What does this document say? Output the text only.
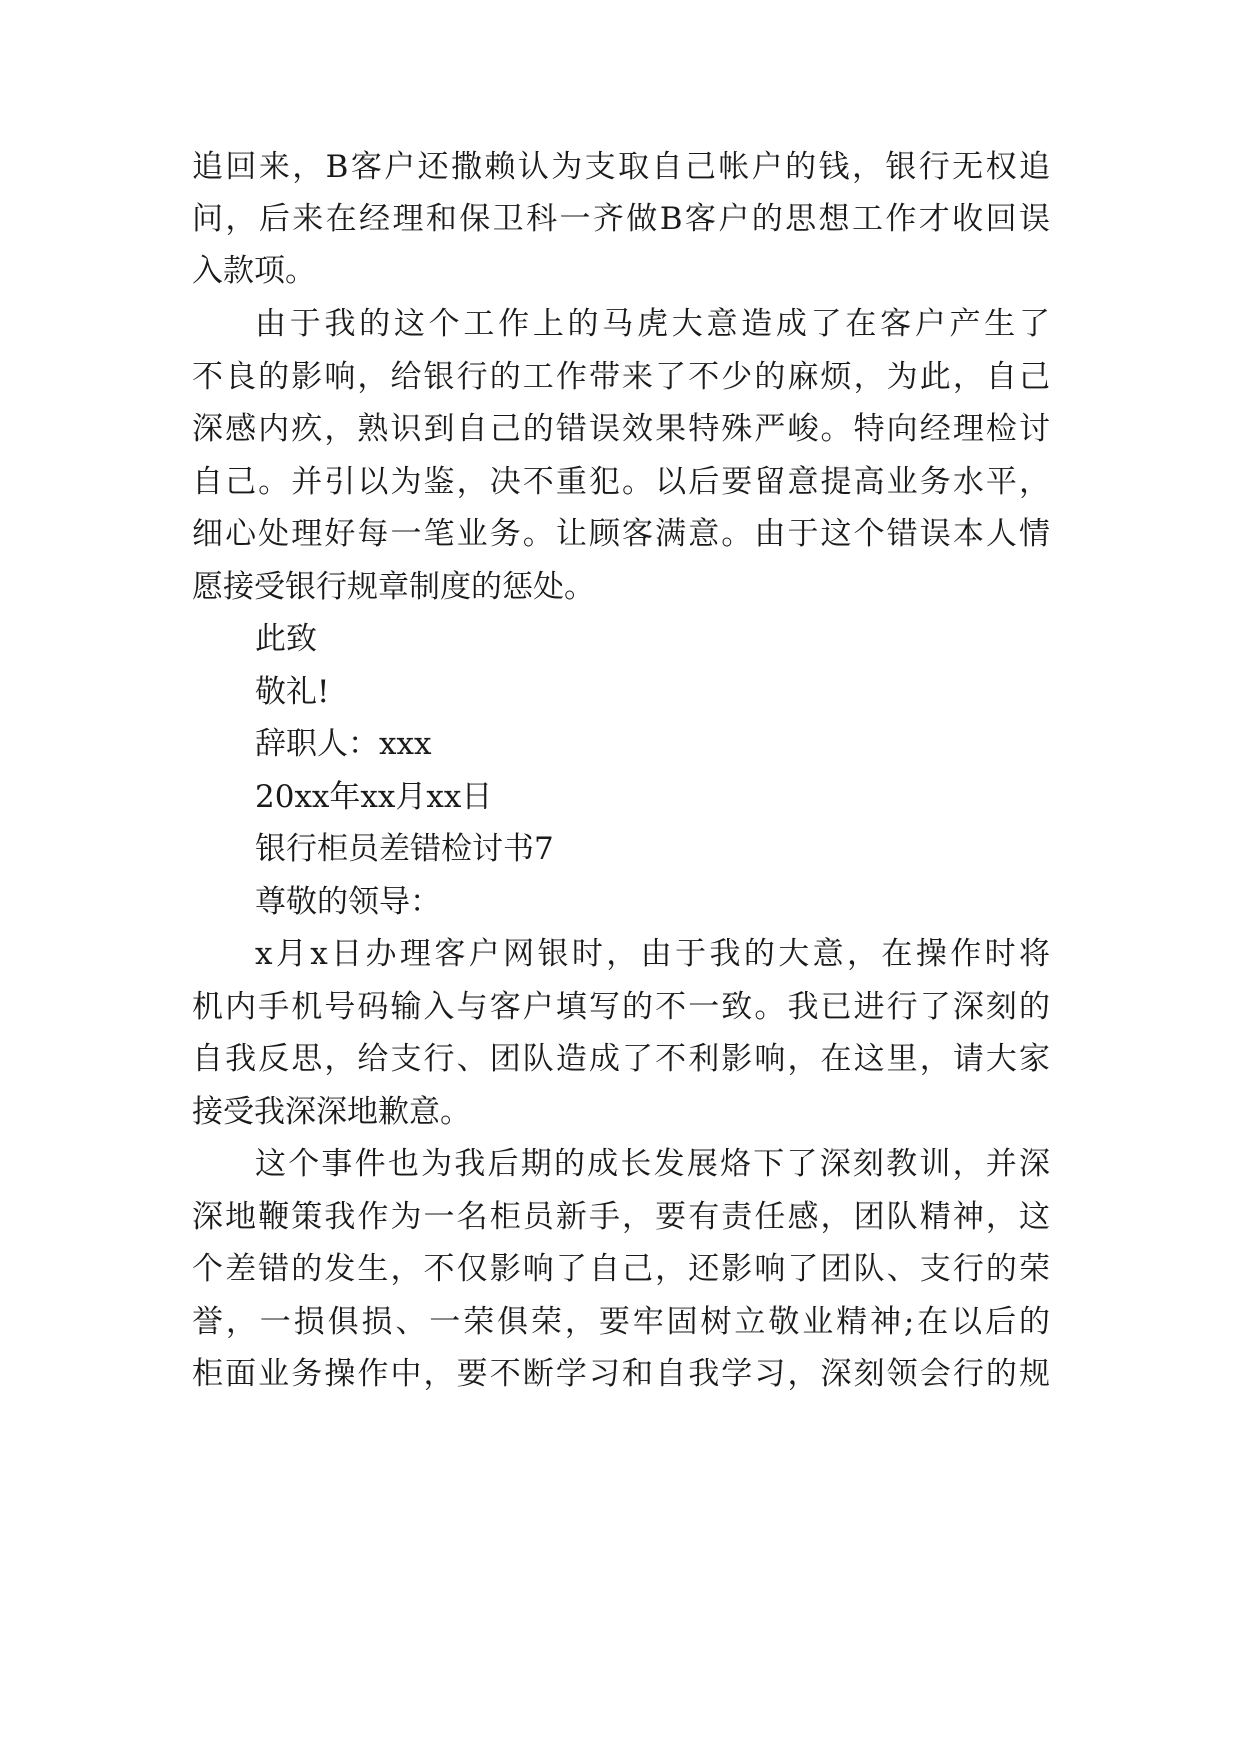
追回来，B客户还撒赖认为支取自己帐户的钱，银行无权追
问，后来在经理和保卫科一齐做B客户的思想工作才收回误
入款项。
由于我的这个工作上的马虎大意造成了在客户产生了
不良的影响，给银行的工作带来了不少的麻烦，为此，自己
深感内疚，熟识到自己的错误效果特殊严峻。特向经理检讨
自己。并引以为鉴，决不重犯。以后要留意提高业务水平，
细心处理好每一笔业务。让顾客满意。由于这个错误本人情
愿接受银行规章制度的惩处。
此致
敬礼!
辞职人：xxx
20xx年xx月xx日
银行柜员差错检讨书7
尊敬的领导：
x月x日办理客户网银时，由于我的大意，在操作时将
机内手机号码输入与客户填写的不一致。我已进行了深刻的
自我反思，给支行、团队造成了不利影响，在这里，请大家
接受我深深地歉意。
这个事件也为我后期的成长发展烙下了深刻教训，并深
深地鞭策我作为一名柜员新手，要有责任感，团队精神，这
个差错的发生，不仅影响了自己，还影响了团队、支行的荣
誉，一损俱损、一荣俱荣，要牢固树立敬业精神;在以后的
柜面业务操作中，要不断学习和自我学习，深刻领会行的规
